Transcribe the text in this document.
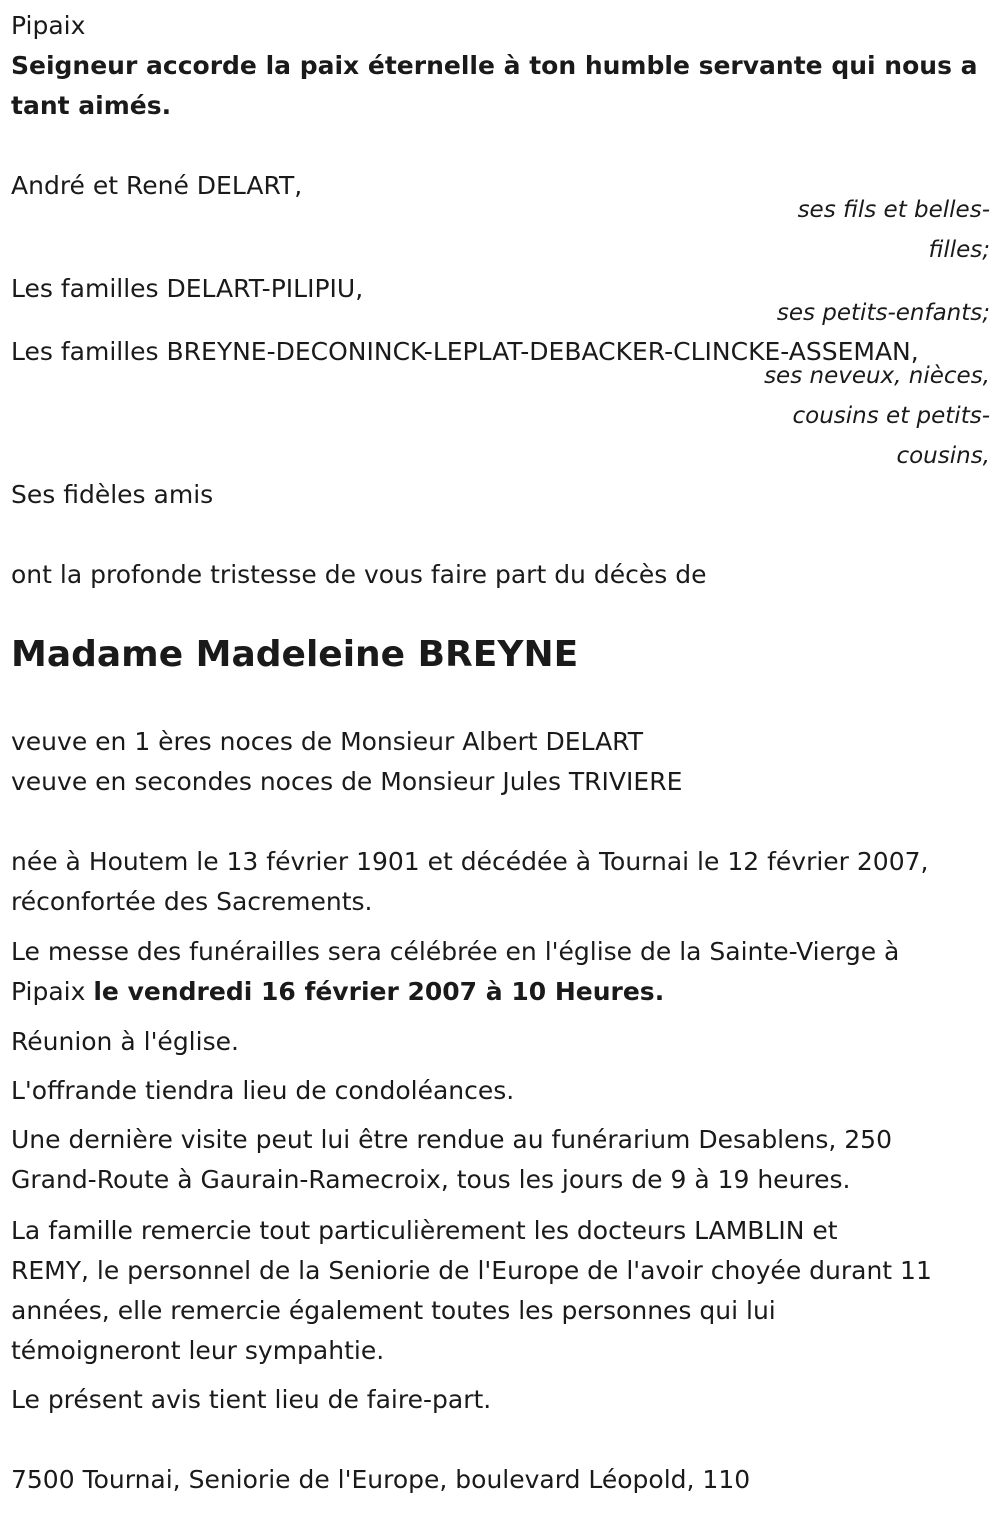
Pipaix
Seigneur accorde la paix éternelle à ton humble servante qui nous a tant aimés.
André et René DELART,
ses fils et belles-
filles;
Les familles DELART-PILIPIU,
ses petits-enfants;
Les familles BREYNE-DECONINCK-LEPLAT-DEBACKER-CLINCKE-ASSEMAN,
ses neveux, nièces,
cousins et petits-
cousins,
Ses fidèles amis
ont la profonde tristesse de vous faire part du décès de
Madame Madeleine BREYNE
veuve en 1 ères noces de Monsieur Albert DELART
veuve en secondes noces de Monsieur Jules TRIVIERE
née à Houtem le 13 février 1901 et décédée à Tournai le 12 février 2007,
réconfortée des Sacrements.
Le messe des funérailles sera célébrée en l'église de la Sainte-Vierge à
Pipaix le vendredi 16 février 2007 à 10 Heures.
Réunion à l'église.
L'offrande tiendra lieu de condoléances.
Une dernière visite peut lui être rendue au funérarium Desablens, 250
Grand-Route à Gaurain-Ramecroix, tous les jours de 9 à 19 heures.
La famille remercie tout particulièrement les docteurs LAMBLIN et
REMY, le personnel de la Seniorie de l'Europe de l'avoir choyée durant 11
années, elle remercie également toutes les personnes qui lui
témoigneront leur sympahtie.
Le présent avis tient lieu de faire-part.
7500 Tournai, Seniorie de l'Europe, boulevard Léopold, 110
